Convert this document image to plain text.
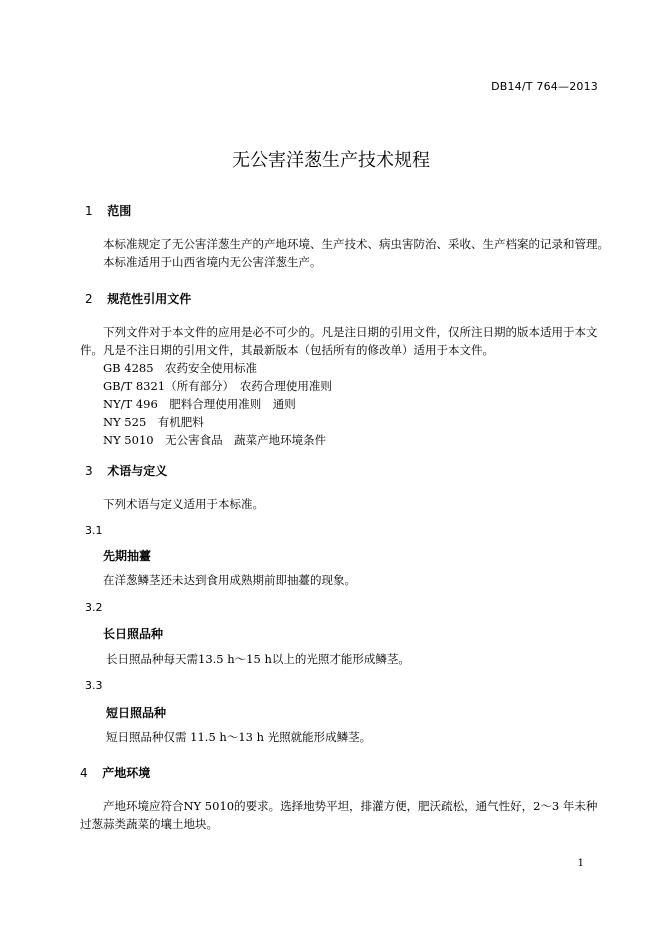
DB14/T 764—2013
无公害洋葱生产技术规程
1 范围
本标准规定了无公害洋葱生产的产地环境、生产技术、病虫害防治、采收、生产档案的记录和管理。
本标准适用于山西省境内无公害洋葱生产。
2 规范性引用文件
下列文件对于本文件的应用是必不可少的。凡是注日期的引用文件，仅所注日期的版本适用于本文
件。凡是不注日期的引用文件，其最新版本（包括所有的修改单）适用于本文件。
GB 4285　农药安全使用标准
GB/T 8321（所有部分）　农药合理使用准则
NY/T 496　肥料合理使用准则　通则
NY 525　有机肥料
NY 5010　无公害食品　蔬菜产地环境条件
3 术语与定义
下列术语与定义适用于本标准。
3.1
先期抽薹
在洋葱鳞茎还未达到食用成熟期前即抽薹的现象。
3.2
长日照品种
长日照品种每天需13.5 h～15 h以上的光照才能形成鳞茎。
3.3
短日照品种
短日照品种仅需 11.5 h～13 h 光照就能形成鳞茎。
4 产地环境
产地环境应符合NY 5010的要求。选择地势平坦，排灌方便，肥沃疏松，通气性好，2～3 年未种
过葱蒜类蔬菜的壤土地块。
1
